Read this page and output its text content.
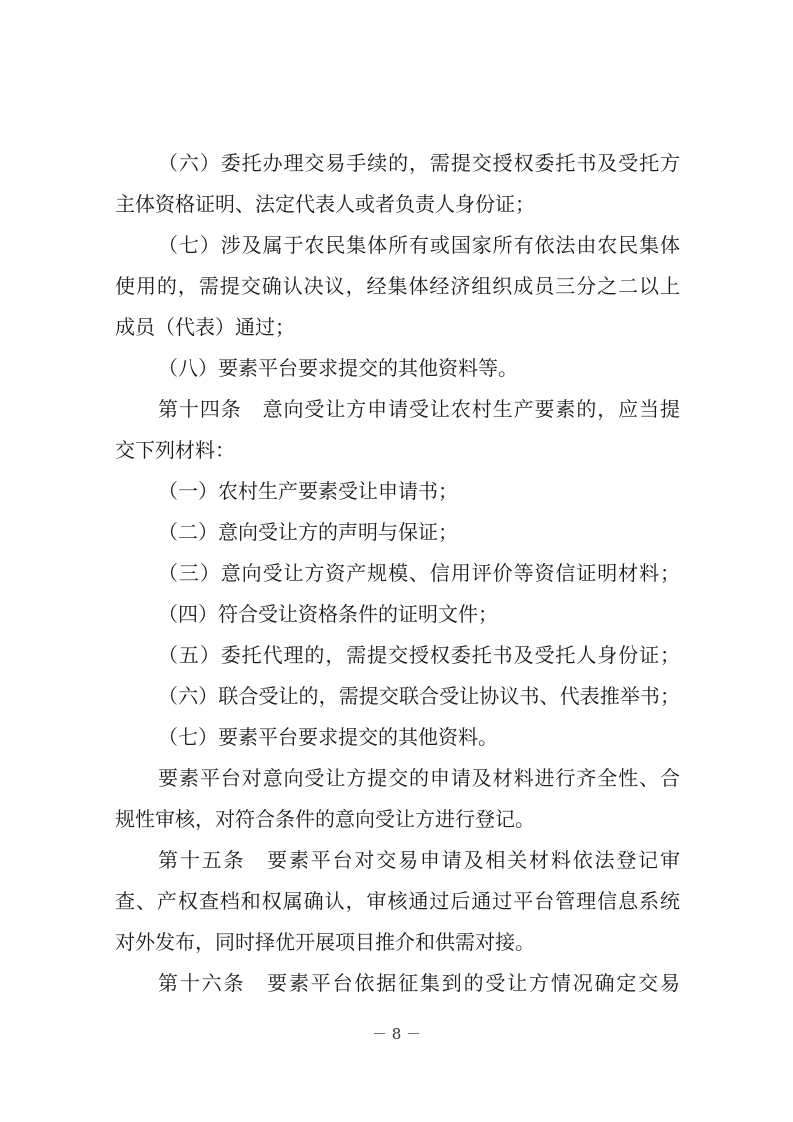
（六）委托办理交易手续的，需提交授权委托书及受托方
主体资格证明、法定代表人或者负责人身份证；
（七）涉及属于农民集体所有或国家所有依法由农民集体
使用的，需提交确认决议，经集体经济组织成员三分之二以上
成员（代表）通过；
（八）要素平台要求提交的其他资料等。
第十四条　意向受让方申请受让农村生产要素的，应当提
交下列材料：
（一）农村生产要素受让申请书；
（二）意向受让方的声明与保证；
（三）意向受让方资产规模、信用评价等资信证明材料；
（四）符合受让资格条件的证明文件；
（五）委托代理的，需提交授权委托书及受托人身份证；
（六）联合受让的，需提交联合受让协议书、代表推举书；
（七）要素平台要求提交的其他资料。
要素平台对意向受让方提交的申请及材料进行齐全性、合
规性审核，对符合条件的意向受让方进行登记。
第十五条　要素平台对交易申请及相关材料依法登记审
查、产权查档和权属确认，审核通过后通过平台管理信息系统
对外发布，同时择优开展项目推介和供需对接。
第十六条　要素平台依据征集到的受让方情况确定交易
－ 8 －
